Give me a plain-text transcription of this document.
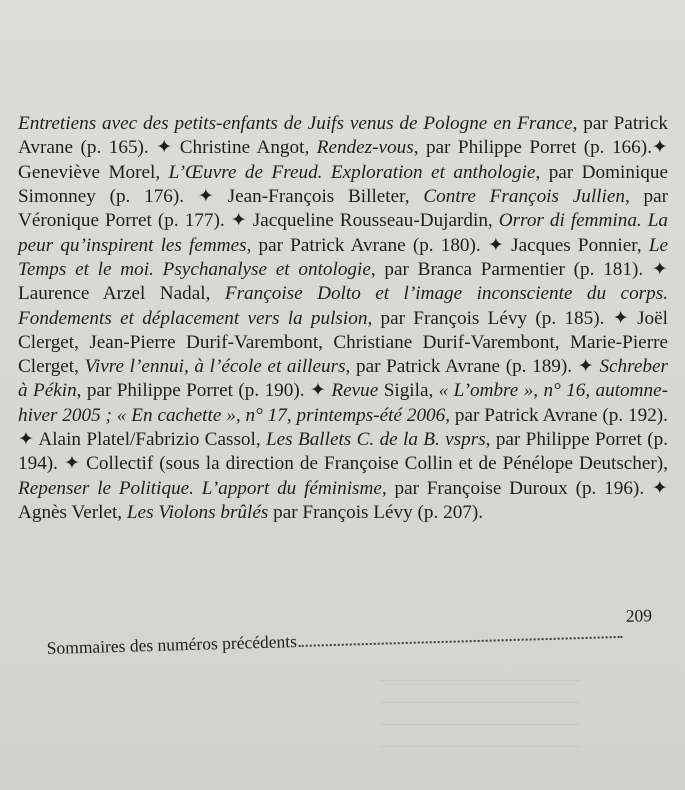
Entretiens avec des petits-enfants de Juifs venus de Pologne en France, par Patrick Avrane (p. 165). ✦ Christine Angot, Rendez-vous, par Philippe Porret (p. 166).✦ Geneviève Morel, L’Œuvre de Freud. Exploration et anthologie, par Dominique Simonney (p. 176). ✦ Jean-François Billeter, Contre François Jullien, par Véronique Porret (p. 177). ✦ Jacqueline Rousseau-Dujardin, Orror di femmina. La peur qu’inspirent les femmes, par Patrick Avrane (p. 180). ✦ Jacques Ponnier, Le Temps et le moi. Psychanalyse et ontologie, par Branca Parmentier (p. 181). ✦ Laurence Arzel Nadal, Françoise Dolto et l’image inconsciente du corps. Fondements et déplacement vers la pulsion, par François Lévy (p. 185). ✦ Joël Clerget, Jean-Pierre Durif-Varembont, Christiane Durif-Varembont, Marie-Pierre Clerget, Vivre l’ennui, à l’école et ailleurs, par Patrick Avrane (p. 189). ✦ Schreber à Pékin, par Philippe Porret (p. 190). ✦ Revue Sigila, « L’ombre », n° 16, automne-hiver 2005 ; « En cachette », n° 17, printemps-été 2006, par Patrick Avrane (p. 192). ✦ Alain Platel/Fabrizio Cassol, Les Ballets C. de la B. vsprs, par Philippe Porret (p. 194). ✦ Collectif (sous la direction de Françoise Collin et de Pénélope Deutscher), Repenser le Politique. L’apport du féminisme, par Françoise Duroux (p. 196). ✦ Agnès Verlet, Les Violons brûlés par François Lévy (p. 207).

Sommaires des numéros précédents
209
